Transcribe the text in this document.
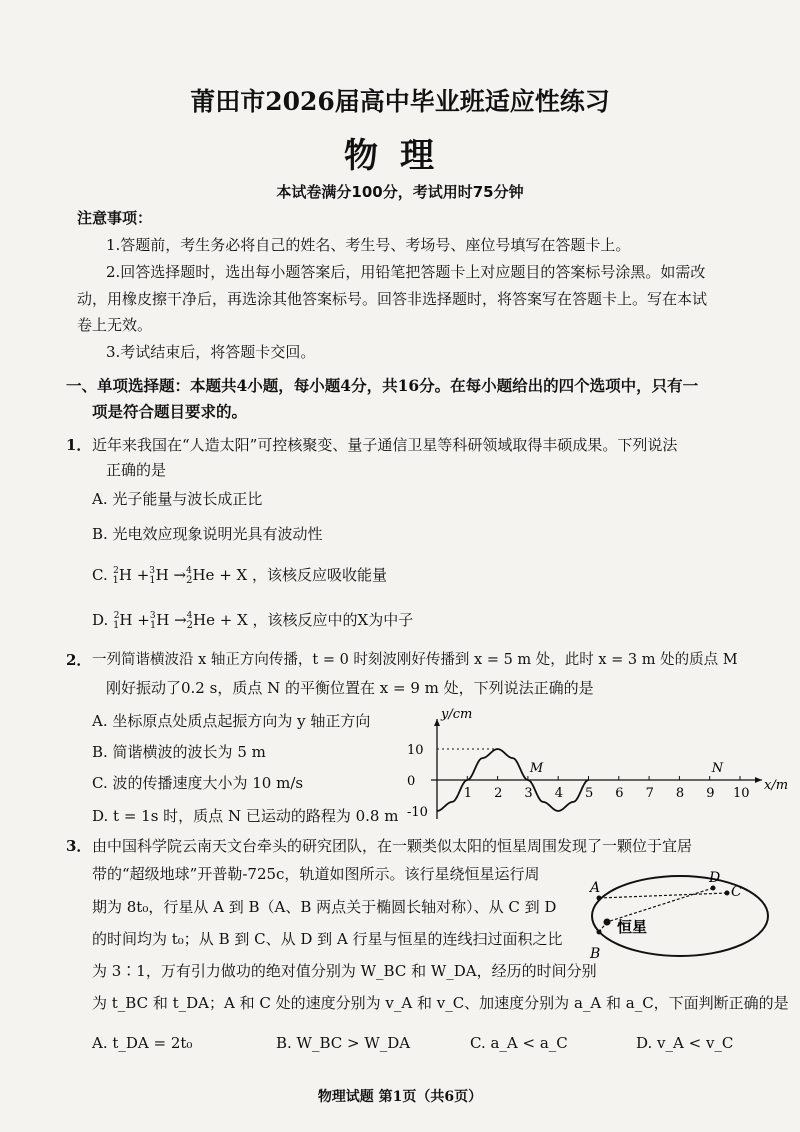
莆田市2026届高中毕业班适应性练习
物理
本试卷满分100分，考试用时75分钟
注意事项：
1.答题前，考生务必将自己的姓名、考生号、考场号、座位号填写在答题卡上。
2.回答选择题时，选出每小题答案后，用铅笔把答题卡上对应题目的答案标号涂黑。如需改
动，用橡皮擦干净后，再选涂其他答案标号。回答非选择题时，将答案写在答题卡上。写在本试
卷上无效。
3.考试结束后，将答题卡交回。
一、单项选择题：本题共4小题，每小题4分，共16分。在每小题给出的四个选项中，只有一
项是符合题目要求的。
1． 近年来我国在“人造太阳”可控核聚变、量子通信卫星等科研领域取得丰硕成果。下列说法
正确的是
A. 光子能量与波长成正比
B. 光电效应现象说明光具有波动性
C. 2
1 H + 3
1 H → 4
2 He + X ，该核反应吸收能量
D. 2
1 H + 3
1 H → 4
2 He + X ，该核反应中的X为中子
2． 一列简谐横波沿 x 轴正方向传播，t = 0 时刻波刚好传播到 x = 5 m 处，此时 x = 3 m 处的质点 M
刚好振动了0.2 s，质点 N 的平衡位置在 x = 9 m 处，下列说法正确的是
A. 坐标原点处质点起振方向为 y 轴正方向
B. 简谐横波的波长为 5 m
C. 波的传播速度大小为 10 m/s
D. t = 1s 时，质点 N 已运动的路程为 0.8 m
y/cm
x/m
1 2 3 4 5 6 7 8 9 10
10
0
-10
M	N
3． 由中国科学院云南天文台牵头的研究团队，在一颗类似太阳的恒星周围发现了一颗位于宜居
带的“超级地球”开普勒-725c，轨道如图所示。该行星绕恒星运行周
期为 8t₀，行星从 A 到 B（A、B 两点关于椭圆长轴对称）、从 C 到 D
的时间均为 t₀；从 B 到 C、从 D 到 A 行星与恒星的连线扫过面积之比
为 3∶1，万有引力做功的绝对值分别为 W_BC 和 W_DA，经历的时间分别
为 t_BC 和 t_DA；A 和 C 处的速度分别为 v_A 和 v_C、加速度分别为 a_A 和 a_C，下面判断正确的是
A. t_DA = 2t₀	B. W_BC > W_DA	C. a_A < a_C	D. v_A < v_C
A
B
C
D
恒星
物理试题 第1页（共6页）
